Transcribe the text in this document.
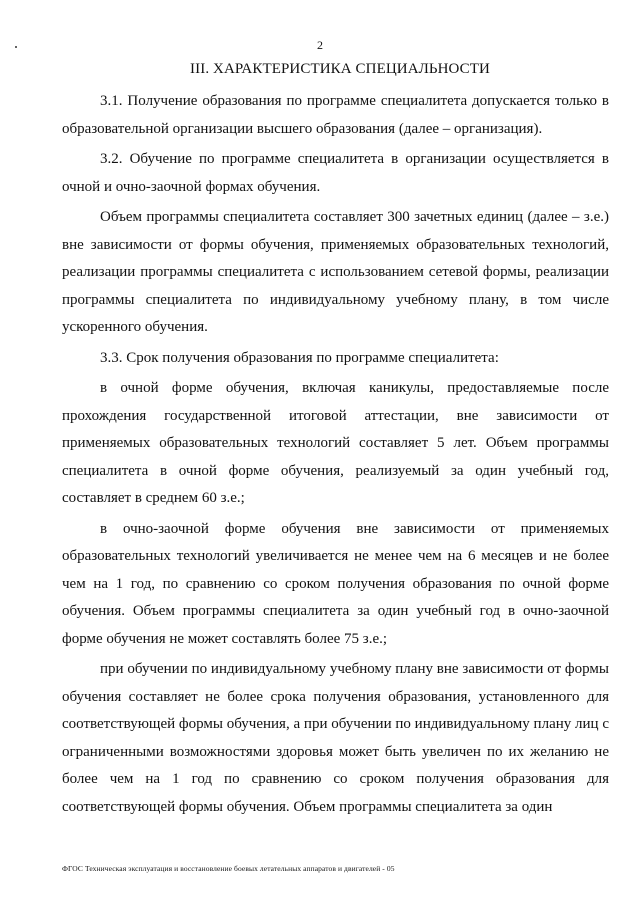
2
III. ХАРАКТЕРИСТИКА СПЕЦИАЛЬНОСТИ

3.1. Получение образования по программе специалитета допускается только в образовательной организации высшего образования (далее – организация).

3.2. Обучение по программе специалитета в организации осуществляется в очной и очно-заочной формах обучения.

Объем программы специалитета составляет 300 зачетных единиц (далее – з.е.) вне зависимости от формы обучения, применяемых образовательных технологий, реализации программы специалитета с использованием сетевой формы, реализации программы специалитета по индивидуальному учебному плану, в том числе ускоренного обучения.

3.3. Срок получения образования по программе специалитета:

в очной форме обучения, включая каникулы, предоставляемые после прохождения государственной итоговой аттестации, вне зависимости от применяемых образовательных технологий составляет 5 лет. Объем программы специалитета в очной форме обучения, реализуемый за один учебный год, составляет в среднем 60 з.е.;

в очно-заочной форме обучения вне зависимости от применяемых образовательных технологий увеличивается не менее чем на 6 месяцев и не более чем на 1 год, по сравнению со сроком получения образования по очной форме обучения. Объем программы специалитета за один учебный год в очно-заочной форме обучения не может составлять более 75 з.е.;

при обучении по индивидуальному учебному плану вне зависимости от формы обучения составляет не более срока получения образования, установленного для соответствующей формы обучения, а при обучении по индивидуальному плану лиц с ограниченными возможностями здоровья может быть увеличен по их желанию не более чем на 1 год по сравнению со сроком получения образования для соответствующей формы обучения. Объем программы специалитета за один

ФГОС Техническая эксплуатация и восстановление боевых летательных аппаратов и двигателей - 05
